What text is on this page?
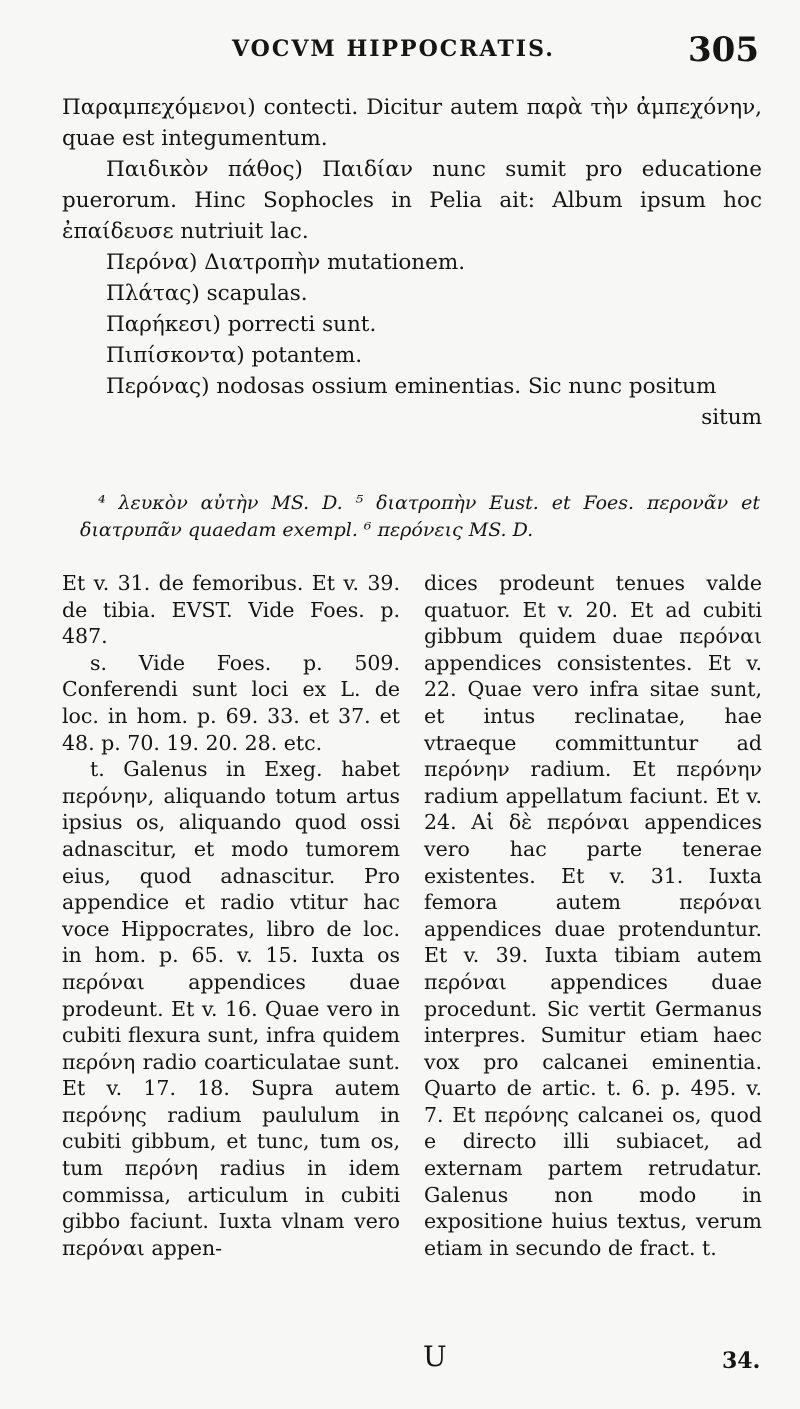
VOCVM HIPPOCRATIS.	305

Παραμπεχόμενοι) contecti. Dicitur autem παρὰ τὴν ἀμπεχόνην, quae est integumentum.

Παιδικὸν πάθος) Παιδίαν nunc sumit pro educatione puerorum. Hinc Sophocles in Pelia ait: Album ipsum hoc ἐπαίδευσε nutriuit lac.

Περόνα) Διατροπὴν mutationem.

Πλάτας) scapulas.

Παρήκεσι) porrecti sunt.

Πιπίσκοντα) potantem.

Περόνας) nodosas ossium eminentias. Sic nunc positum

situm

⁴ λευκὸν αὐτὴν MS. D. ⁵ διατροπὴν Eust. et Foes. περονᾶν et διατρυπᾶν quaedam exempl. ⁶ περόνεις MS. D.

Et v. 31. de femoribus. Et v. 39. de tibia. EVST. Vide Foes. p. 487.

s. Vide Foes. p. 509. Conferendi sunt loci ex L. de loc. in hom. p. 69. 33. et 37. et 48. p. 70. 19. 20. 28. etc.

t. Galenus in Exeg. habet περόνην, aliquando totum artus ipsius os, aliquando quod ossi adnascitur, et modo tumorem eius, quod adnascitur. Pro appendice et radio vtitur hac voce Hippocrates, libro de loc. in hom. p. 65. v. 15. Iuxta os περόναι appendices duae prodeunt. Et v. 16. Quae vero in cubiti flexura sunt, infra quidem περόνη radio coarticulatae sunt. Et v. 17. 18. Supra autem περόνης radium paululum in cubiti gibbum, et tunc, tum os, tum περόνη radius in idem commissa, articulum in cubiti gibbo faciunt. Iuxta vlnam vero περόναι appen-

dices prodeunt tenues valde quatuor. Et v. 20. Et ad cubiti gibbum quidem duae περόναι appendices consistentes. Et v. 22. Quae vero infra sitae sunt, et intus reclinatae, hae vtraeque committuntur ad περόνην radium. Et περόνην radium appellatum faciunt. Et v. 24. Αἱ δὲ περόναι appendices vero hac parte tenerae existentes. Et v. 31. Iuxta femora autem περόναι appendices duae protenduntur. Et v. 39. Iuxta tibiam autem περόναι appendices duae procedunt. Sic vertit Germanus interpres. Sumitur etiam haec vox pro calcanei eminentia. Quarto de artic. t. 6. p. 495. v. 7. Et περόνης calcanei os, quod e directo illi subiacet, ad externam partem retrudatur. Galenus non modo in expositione huius textus, verum etiam in secundo de fract. t.

U	34.
